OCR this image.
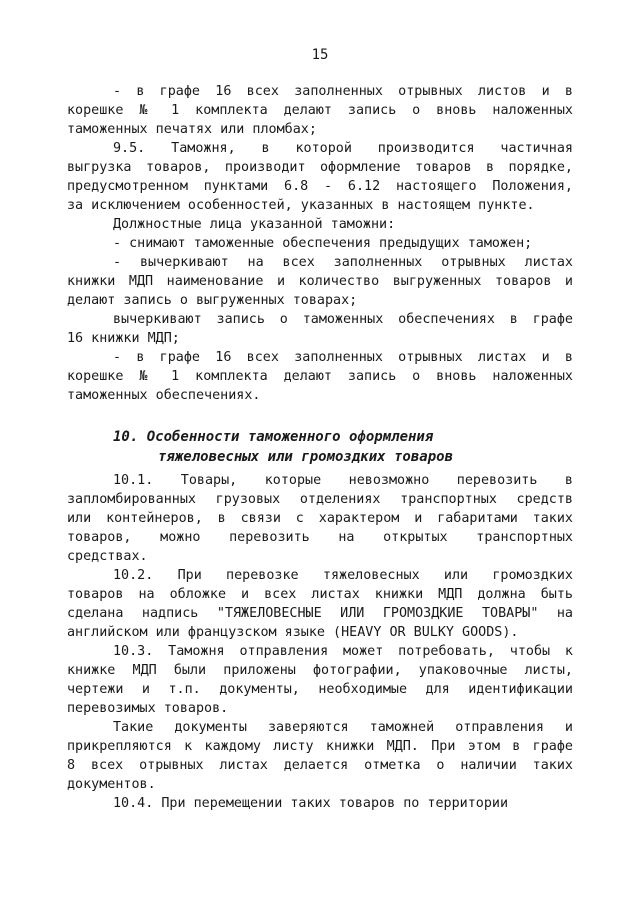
15
- в графе 16 всех заполненных отрывных листов и в
корешке № 1 комплекта делают запись о вновь наложенных
таможенных печатях или пломбах;
9.5. Таможня, в которой производится частичная
выгрузка товаров, производит оформление товаров в порядке,
предусмотренном пунктами 6.8 - 6.12 настоящего Положения,
за исключением особенностей, указанных в настоящем пункте.
Должностные лица указанной таможни:
- снимают таможенные обеспечения предыдущих таможен;
- вычеркивают на всех заполненных отрывных листах
книжки МДП наименование и количество выгруженных товаров и
делают запись о выгруженных товарах;
вычеркивают запись о таможенных обеспечениях в графе
16 книжки МДП;
- в графе 16 всех заполненных отрывных листах и в
корешке № 1 комплекта делают запись о вновь наложенных
таможенных обеспечениях.
10. Особенности таможенного оформления
тяжеловесных или громоздких товаров
10.1. Товары, которые невозможно перевозить в
запломбированных грузовых отделениях транспортных средств
или контейнеров, в связи с характером и габаритами таких
товаров, можно перевозить на открытых транспортных
средствах.
10.2. При перевозке тяжеловесных или громоздких
товаров на обложке и всех листах книжки МДП должна быть
сделана надпись "ТЯЖЕЛОВЕСНЫЕ ИЛИ ГРОМОЗДКИЕ ТОВАРЫ" на
английском или французском языке (HEAVY OR BULKY GOODS).
10.3. Таможня отправления может потребовать, чтобы к
книжке МДП были приложены фотографии, упаковочные листы,
чертежи и т.п. документы, необходимые для идентификации
перевозимых товаров.
Такие документы заверяются таможней отправления и
прикрепляются к каждому листу книжки МДП. При этом в графе
8 всех отрывных листах делается отметка о наличии таких
документов.
10.4. При перемещении таких товаров по территории
